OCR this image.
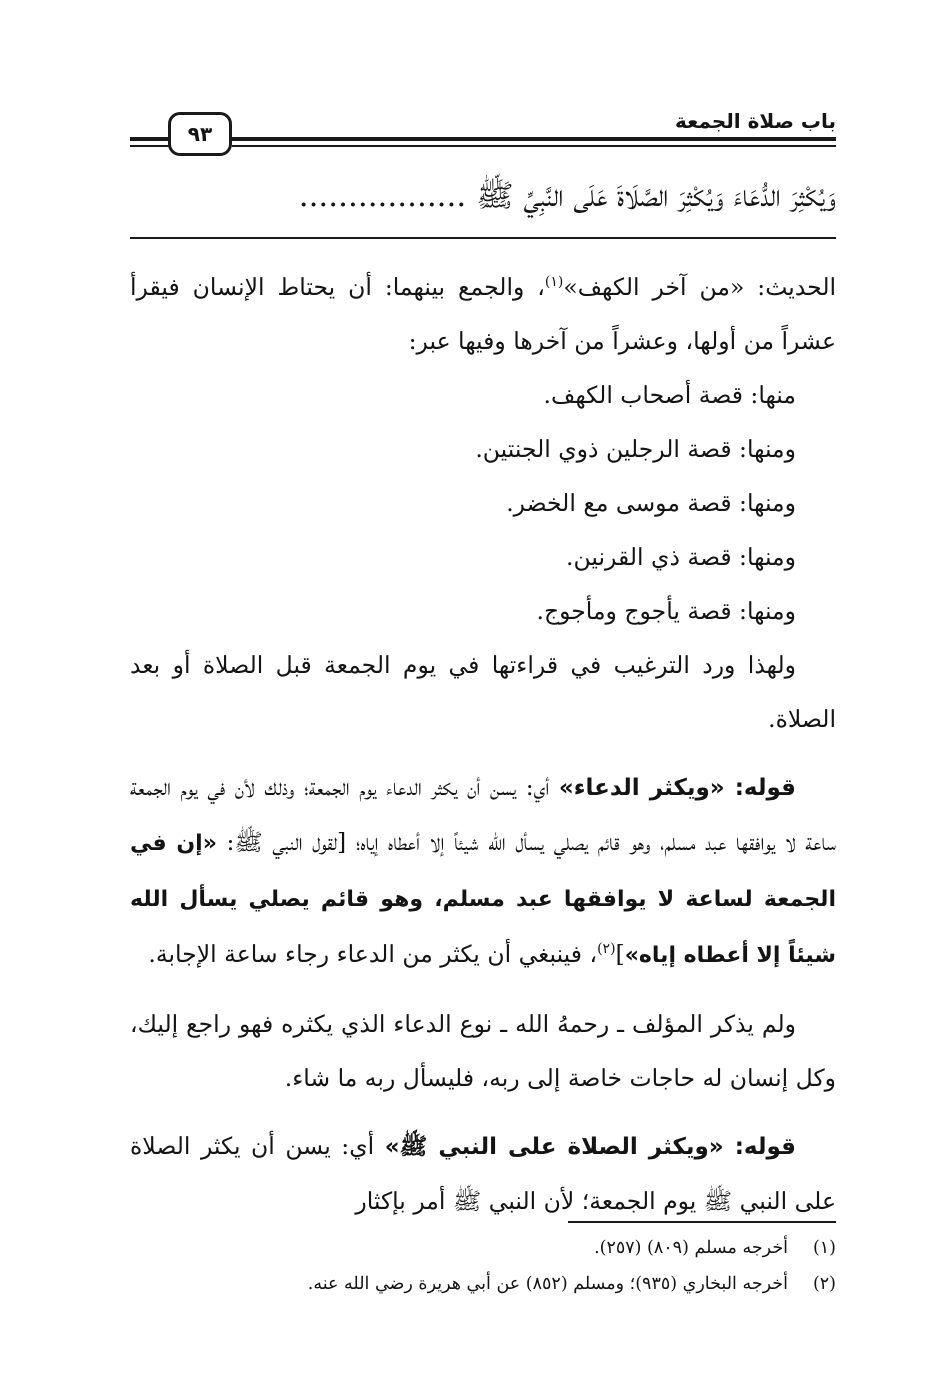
باب صلاة الجمعة
٩٣
وَيُكْثِرَ الدُّعَاءَ وَيُكْثِرَ الصَّلَاةَ عَلَى النَّبِيِّ ﷺ.................

الحديث: «من آخر الكهف»$^{(١)}$، والجمع بينهما: أن يحتاط الإنسان فيقرأ عشراً من أولها، وعشراً من آخرها وفيها عبر:

منها: قصة أصحاب الكهف.

ومنها: قصة الرجلين ذوي الجنتين.

ومنها: قصة موسى مع الخضر.

ومنها: قصة ذي القرنين.

ومنها: قصة يأجوج ومأجوج.

ولهذا ورد الترغيب في قراءتها في يوم الجمعة قبل الصلاة أو بعد الصلاة.

قوله: «ويكثر الدعاء» أي: يسن أن يكثر الدعاء يوم الجمعة؛ وذلك لأن في يوم الجمعة ساعة لا يوافقها عبد مسلم، وهو قائم يصلي يسأل الله شيئاً إلا أعطاه إياه؛ [لقول النبي ﷺ: «إن في الجمعة لساعة لا يوافقها عبد مسلم، وهو قائم يصلي يسأل الله شيئاً إلا أعطاه إياه»]$^{(٢)}$، فينبغي أن يكثر من الدعاء رجاء ساعة الإجابة.

ولم يذكر المؤلف ـ رحمهُ الله ـ نوع الدعاء الذي يكثره فهو راجع إليك، وكل إنسان له حاجات خاصة إلى ربه، فليسأل ربه ما شاء.

قوله: «ويكثر الصلاة على النبي ﷺ» أي: يسن أن يكثر الصلاة على النبي ﷺ يوم الجمعة؛ لأن النبي ﷺ أمر بإكثار

(١)
أخرجه مسلم (٨٠٩) (٢٥٧).
(٢)
أخرجه البخاري (٩٣٥)؛ ومسلم (٨٥٢) عن أبي هريرة رضي الله عنه.
